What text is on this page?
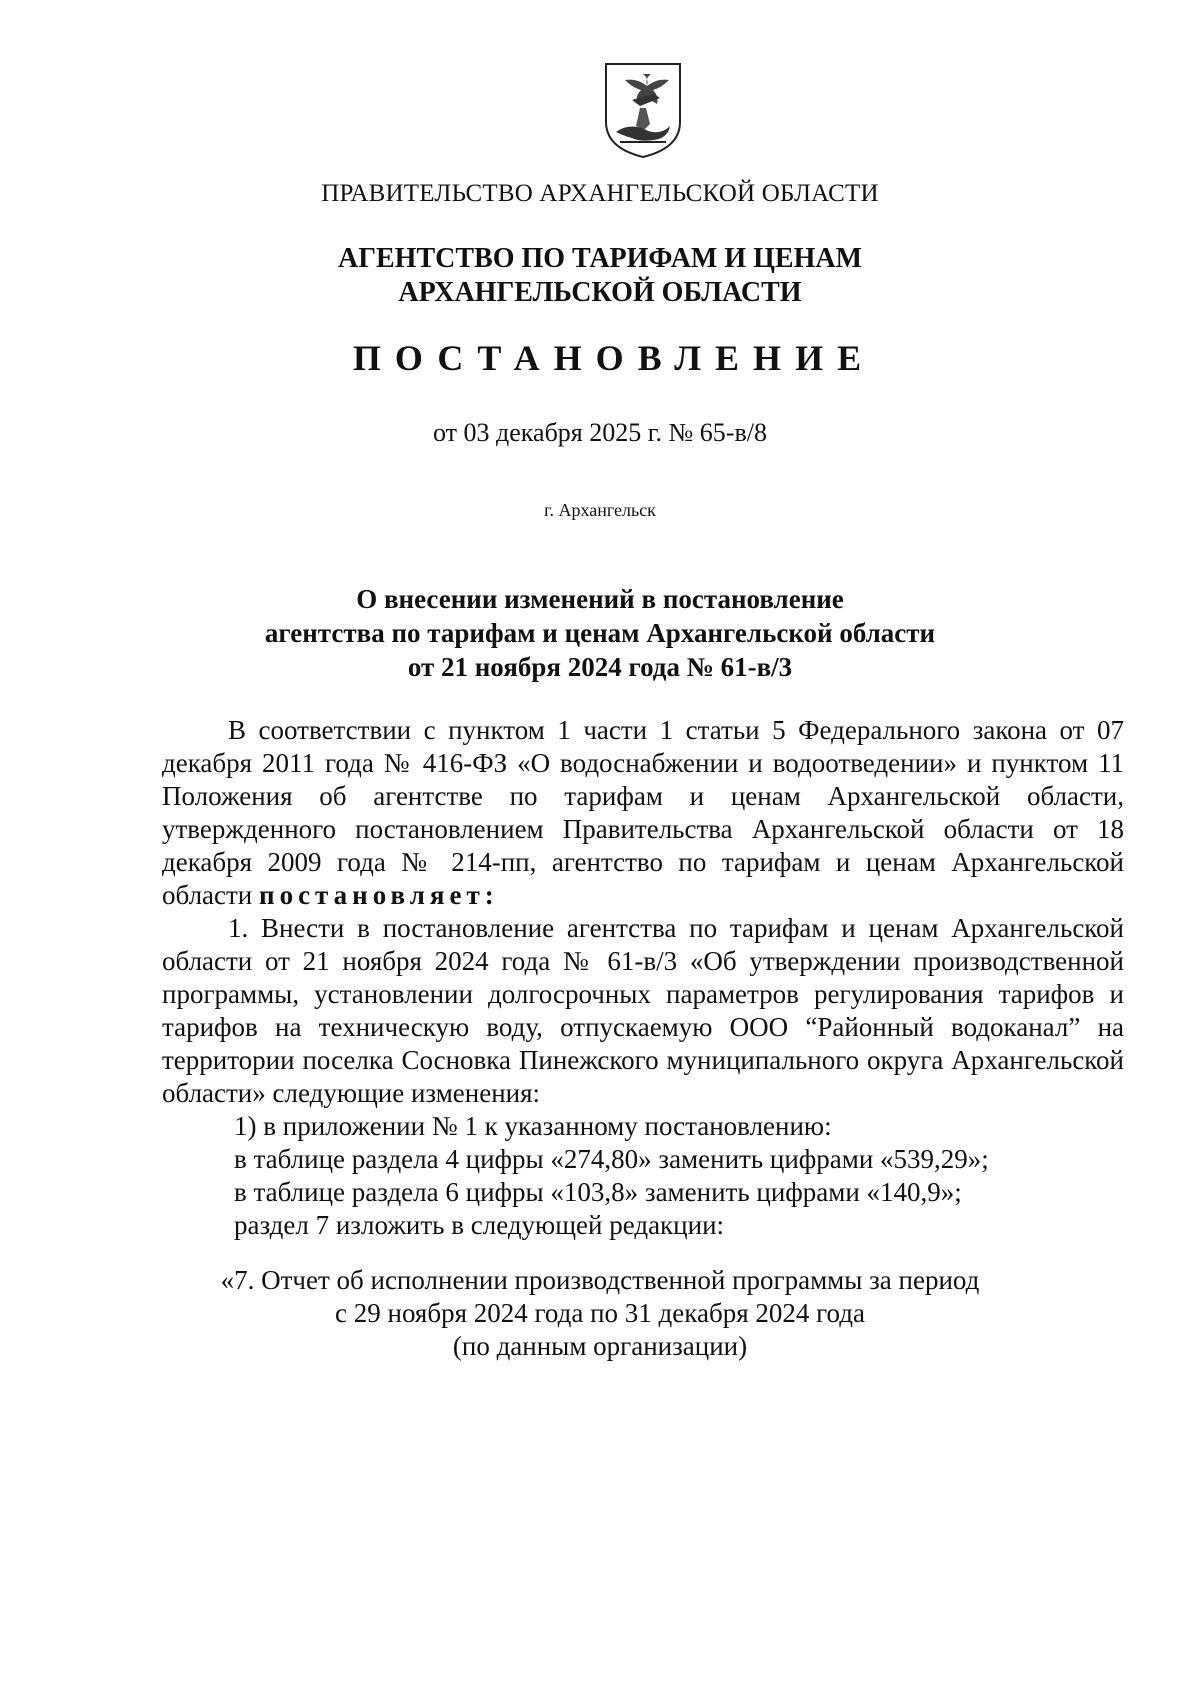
ПРАВИТЕЛЬСТВО АРХАНГЕЛЬСКОЙ ОБЛАСТИ
АГЕНТСТВО ПО ТАРИФАМ И ЦЕНАМ
АРХАНГЕЛЬСКОЙ ОБЛАСТИ
ПОСТАНОВЛЕНИЕ
от 03 декабря 2025 г. № 65-в/8
г. Архангельск
О внесении изменений в постановление
агентства по тарифам и ценам Архангельской области
от 21 ноября 2024 года № 61-в/3

В соответствии с пунктом 1 части 1 статьи 5 Федерального закона от 07 декабря 2011 года № 416-ФЗ «О водоснабжении и водоотведении» и пунктом 11 Положения об агентстве по тарифам и ценам Архангельской области, утвержденного постановлением Правительства Архангельской области от 18 декабря 2009 года № 214-пп, агентство по тарифам и ценам Архангельской области постановляет:

1. Внести в постановление агентства по тарифам и ценам Архангельской области от 21 ноября 2024 года № 61-в/3 «Об утверждении производственной программы, установлении долгосрочных параметров регулирования тарифов и тарифов на техническую воду, отпускаемую ООО “Районный водоканал” на территории поселка Сосновка Пинежского муниципального округа Архангельской области» следующие изменения:

1) в приложении № 1 к указанному постановлению:

в таблице раздела 4 цифры «274,80» заменить цифрами «539,29»;

в таблице раздела 6 цифры «103,8» заменить цифрами «140,9»;

раздел 7 изложить в следующей редакции:

«7. Отчет об исполнении производственной программы за период
с 29 ноября 2024 года по 31 декабря 2024 года
(по данным организации)
